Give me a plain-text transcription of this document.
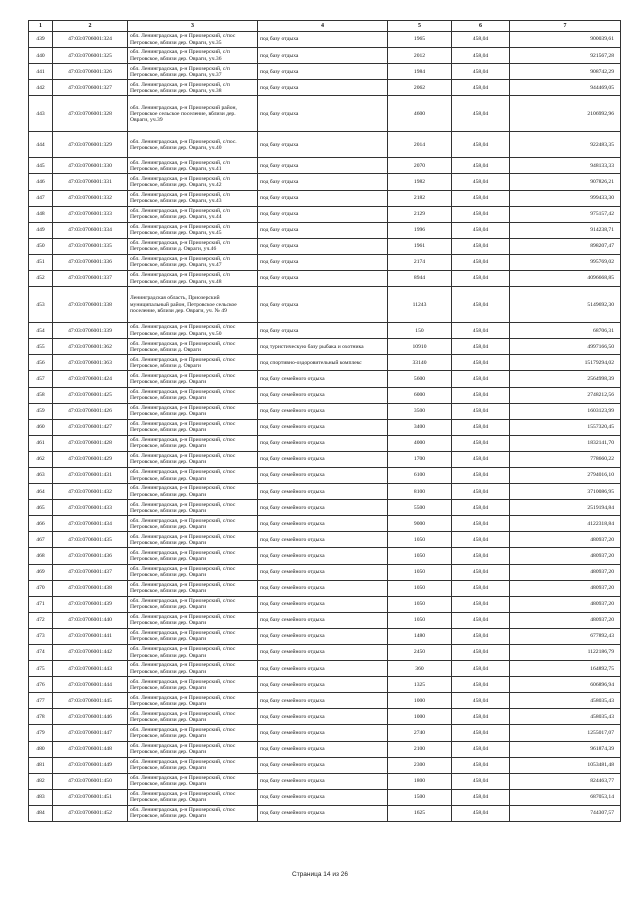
1	2	3	4	5	6	7
439	47:03:0706001:324	обл. Ленинградская, р-н Приозерский, с/пос Петровское, вблизи дер. Овраги, уч.35	под базу отдыха	1965	458,04	900039,61
440	47:03:0706001:325	обл. Ленинградская, р-н Приозерский, с/п Петровское, вблизи дер. Овраги, уч.36	под базу отдыха	2012	458,04	921567,28
441	47:03:0706001:326	обл. Ленинградская, р-н Приозерский, с/п Петровское, вблизи дер. Овраги, уч.37	под базу отдыха	1984	458,04	908742,29
442	47:03:0706001:327	обл. Ленинградская, р-н Приозерский, с/п Петровское, вблизи дер. Овраги, уч.38	под базу отдыха	2062	458,04	944469,05
443	47:03:0706001:328	обл. Ленинградская, р-н Приозерский район, Петровское сельское поселение, вблизи дер. Овраги, уч.39	под базу отдыха	4600	458,04	2106992,96
444	47:03:0706001:329	обл. Ленинградская, р-н Приозерский, с/пос. Петровское, вблизи дер. Овраги, уч.40	под базу отдыха	2014	458,04	922483,35
445	47:03:0706001:330	обл. Ленинградская, р-н Приозерский, с/п Петровское, вблизи дер. Овраги, уч.41	под базу отдыха	2070	458,04	948133,33
446	47:03:0706001:331	обл. Ленинградская, р-н Приозерский, с/п Петровское, вблизи дер. Овраги, уч.42	под базу отдыха	1982	458,04	907826,21
447	47:03:0706001:332	обл. Ленинградская, р-н Приозерский, с/п Петровское, вблизи дер. Овраги, уч.43	под базу отдыха	2182	458,04	999433,30
448	47:03:0706001:333	обл. Ленинградская, р-н Приозерский, с/п Петровское, вблизи дер. Овраги, уч.44	под базу отдыха	2129	458,04	975157,42
449	47:03:0706001:334	обл. Ленинградская, р-н Приозерский, с/п Петровское, вблизи дер. Овраги, уч.45	под базу отдыха	1996	458,04	914238,71
450	47:03:0706001:335	обл. Ленинградская, р-н Приозерский, с/п Петровское, вблизи д. Овраги, уч.46	под базу отдыха	1961	458,04	898207,47
451	47:03:0706001:336	обл. Ленинградская, р-н Приозерский, с/п Петровское, вблизи дер. Овраги, уч.47	под базу отдыха	2174	458,04	995769,02
452	47:03:0706001:337	обл. Ленинградская, р-н Приозерский, с/п Петровское, вблизи дер. Овраги, уч.48	под базу отдыха	8944	458,04	4096668,85
453	47:03:0706001:338	Ленинградская область, Приозерский муниципальный район, Петровское сельское поселение, вблизи дер. Овраги, уч. № 49	под базу отдыха	11243	458,04	5149692,30
454	47:03:0706001:339	обл. Ленинградская, р-н Приозерский, с/пос Петровское, вблизи дер. Овраги, уч.50	под базу отдыха	150	458,04	68706,31
455	47:03:0706001:362	обл. Ленинградская, р-н Приозерский, с/пос Петровское, вблизи д. Овраги	под туристическую базу рыбака и охотника	10910	458,04	4997166,50
456	47:03:0706001:363	обл. Ленинградская, р-н Приозерский, с/пос Петровское, вблизи д. Овраги	под спортивно-оздоровительный комплекс	33140	458,04	15179294,02
457	47:03:0706001:424	обл. Ленинградская, р-н Приозерский, с/пос Петровское, вблизи дер. Овраги	под базу семейного отдыха	5600	458,04	2564998,39
458	47:03:0706001:425	обл. Ленинградская, р-н Приозерский, с/пос Петровское, вблизи дер. Овраги	под базу семейного отдыха	6000	458,04	2748212,56
459	47:03:0706001:426	обл. Ленинградская, р-н Приозерский, с/пос Петровское, вблизи дер. Овраги	под базу семейного отдыха	3500	458,04	1603123,99
460	47:03:0706001:427	обл. Ленинградская, р-н Приозерский, с/пос Петровское, вблизи дер. Овраги	под базу семейного отдыха	3400	458,04	1557320,45
461	47:03:0706001:428	обл. Ленинградская, р-н Приозерский, с/пос Петровское, вблизи дер. Овраги	под базу семейного отдыха	4000	458,04	1832141,70
462	47:03:0706001:429	обл. Ленинградская, р-н Приозерский, с/пос Петровское, вблизи дер. Овраги	под базу семейного отдыха	1700	458,04	778660,22
463	47:03:0706001:431	обл. Ленинградская, р-н Приозерский, с/пос Петровское, вблизи дер. Овраги	под базу семейного отдыха	6100	458,04	2794016,10
464	47:03:0706001:432	обл. Ленинградская, р-н Приозерский, с/пос Петровское, вблизи дер. Овраги	под базу семейного отдыха	8100	458,04	3710086,95
465	47:03:0706001:433	обл. Ленинградская, р-н Приозерский, с/пос Петровское, вблизи дер. Овраги	под базу семейного отдыха	5500	458,04	2519194,84
466	47:03:0706001:434	обл. Ленинградская, р-н Приозерский, с/пос Петровское, вблизи дер. Овраги	под базу семейного отдыха	9000	458,04	4122318,84
467	47:03:0706001:435	обл. Ленинградская, р-н Приозерский, с/пос Петровское, вблизи дер. Овраги	под базу семейного отдыха	1050	458,04	480937,20
468	47:03:0706001:436	обл. Ленинградская, р-н Приозерский, с/пос Петровское, вблизи дер. Овраги	под базу семейного отдыха	1050	458,04	480937,20
469	47:03:0706001:437	обл. Ленинградская, р-н Приозерский, с/пос Петровское, вблизи дер. Овраги	под базу семейного отдыха	1050	458,04	480937,20
470	47:03:0706001:438	обл. Ленинградская, р-н Приозерский, с/пос Петровское, вблизи дер. Овраги	под базу семейного отдыха	1050	458,04	480937,20
471	47:03:0706001:439	обл. Ленинградская, р-н Приозерский, с/пос Петровское, вблизи дер. Овраги	под базу семейного отдыха	1050	458,04	480937,20
472	47:03:0706001:440	обл. Ленинградская, р-н Приозерский, с/пос Петровское, вблизи дер. Овраги	под базу семейного отдыха	1050	458,04	480937,20
473	47:03:0706001:441	обл. Ленинградская, р-н Приозерский, с/пос Петровское, вблизи дер. Овраги	под базу семейного отдыха	1480	458,04	677892,43
474	47:03:0706001:442	обл. Ленинградская, р-н Приозерский, с/пос Петровское, вблизи дер. Овраги	под базу семейного отдыха	2450	458,04	1122186,79
475	47:03:0706001:443	обл. Ленинградская, р-н Приозерский, с/пос Петровское, вблизи дер. Овраги	под базу семейного отдыха	360	458,04	164892,75
476	47:03:0706001:444	обл. Ленинградская, р-н Приозерский, с/пос Петровское, вблизи дер. Овраги	под базу семейного отдыха	1325	458,04	606896,94
477	47:03:0706001:445	обл. Ленинградская, р-н Приозерский, с/пос Петровское, вблизи дер. Овраги	под базу семейного отдыха	1000	458,04	458035,43
478	47:03:0706001:446	обл. Ленинградская, р-н Приозерский, с/пос Петровское, вблизи дер. Овраги	под базу семейного отдыха	1000	458,04	458035,43
479	47:03:0706001:447	обл. Ленинградская, р-н Приозерский, с/пос Петровское, вблизи дер. Овраги	под базу семейного отдыха	2740	458,04	1255017,07
480	47:03:0706001:448	обл. Ленинградская, р-н Приозерский, с/пос Петровское, вблизи дер. Овраги	под базу семейного отдыха	2100	458,04	961874,39
481	47:03:0706001:449	обл. Ленинградская, р-н Приозерский, с/пос Петровское, вблизи дер. Овраги	под базу семейного отдыха	2300	458,04	1053481,48
482	47:03:0706001:450	обл. Ленинградская, р-н Приозерский, с/пос Петровское, вблизи дер. Овраги	под базу семейного отдыха	1800	458,04	824463,77
483	47:03:0706001:451	обл. Ленинградская, р-н Приозерский, с/пос Петровское, вблизи дер. Овраги	под базу семейного отдыха	1500	458,04	687053,14
484	47:03:0706001:452	обл. Ленинградская, р-н Приозерский, с/пос Петровское, вблизи дер. Овраги	под базу семейного отдыха	1625	458,04	744307,57
Страница 14 из 26
